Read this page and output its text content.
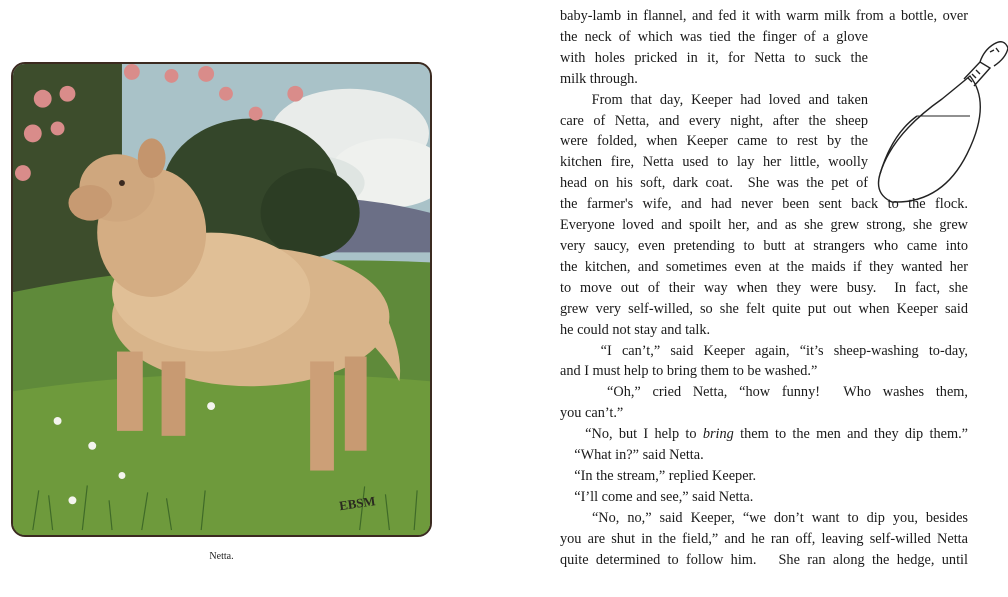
EBSM
Netta.
baby-lamb in flannel, and fed it with warm milk from a bottle, over
the neck of which was tied the finger of a glove
with holes pricked in it, for Netta to suck the
milk through.
From that day, Keeper had loved and taken
care of Netta, and every night, after the sheep
were folded, when Keeper came to rest by the
kitchen fire, Netta used to lay her little, woolly
head on his soft, dark coat.  She was the pet of
the farmer's wife, and had never been sent back to the flock.
Everyone loved and spoilt her, and as she grew strong, she grew
very saucy, even pretending to butt at strangers who came into
the kitchen, and sometimes even at the maids if they wanted her
to move out of their way when they were busy.  In fact, she
grew very self-willed, so she felt quite put out when Keeper said
he could not stay and talk.
“I can’t,” said Keeper again, “it’s sheep-washing to-day,
and I must help to bring them to be washed.”
“Oh,” cried Netta, “how funny!  Who washes them,
you can’t.”
“No, but I help to bring them to the men and they dip them.”
“What in?” said Netta.
“In the stream,” replied Keeper.
“I’ll come and see,” said Netta.
“No, no,” said Keeper, “we don’t want to dip you, besides
you are shut in the field,” and he ran off, leaving self-willed Netta
quite determined to follow him.   She ran along the hedge, until
